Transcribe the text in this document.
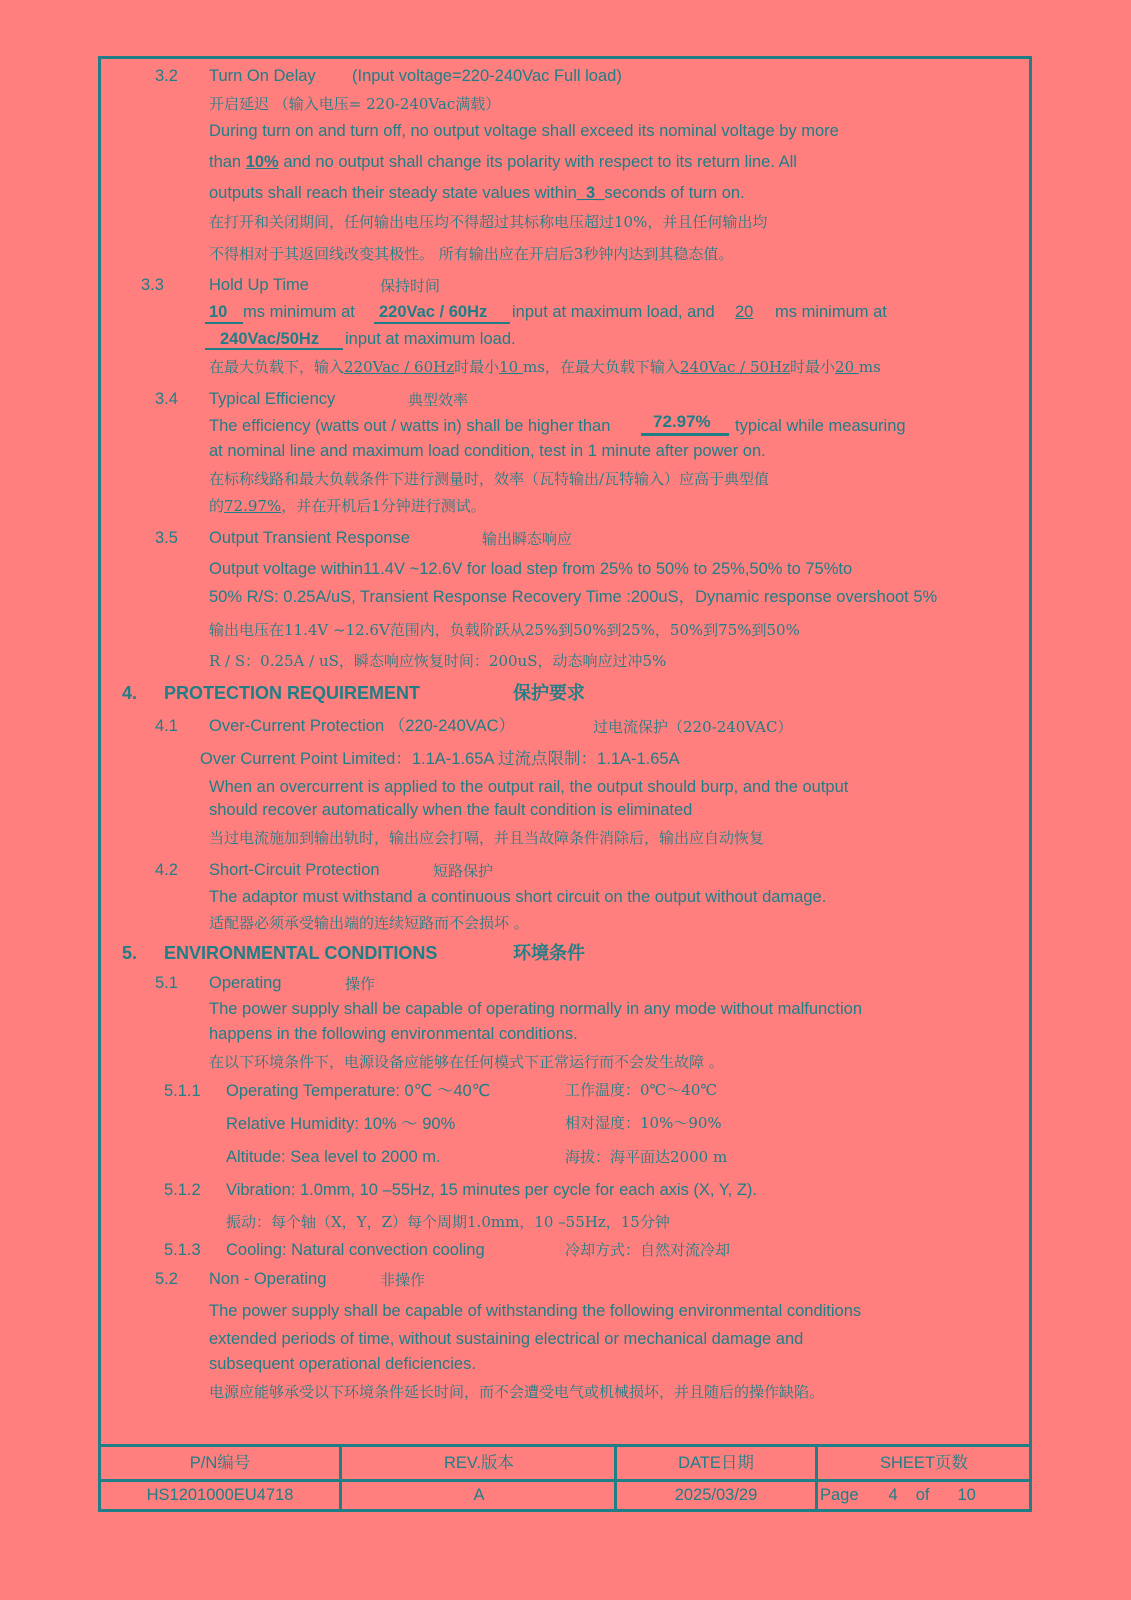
3.2 Turn On Delay (Input voltage=220-240Vac Full load)
开启延迟 （输入电压= 220-240Vac满载）
During turn on and turn off, no output voltage shall exceed its nominal voltage by more
than 10% and no output shall change its polarity with respect to its return line. All
outputs shall reach their steady state values within_3_seconds of turn on.
在打开和关闭期间，任何输出电压均不得超过其标称电压超过10%，并且任何输出均
不得相对于其返回线改变其极性。 所有输出应在开启后3秒钟内达到其稳态值。
3.3	Hold Up Time	保持时间
10 ms minimum at 220Vac / 60Hz input at maximum load, and 20 ms minimum at
240Vac/50Hz input at maximum load.
在最大负载下，输入220Vac / 60Hz时最小10 ms，在最大负载下输入240Vac / 50Hz时最小20 ms
3.4 Typical Efficiency	典型效率
The efficiency (watts out / watts in) shall be higher than	72.97% typical while measuring
at nominal line and maximum load condition, test in 1 minute after power on.
在标称线路和最大负载条件下进行测量时，效率（瓦特输出/瓦特输入）应高于典型值
的72.97%，并在开机后1分钟进行测试。
3.5 Output Transient Response	输出瞬态响应
Output voltage within11.4V ~12.6V for load step from 25% to 50% to 25%,50% to 75%to
50% R/S: 0.25A/uS, Transient Response Recovery Time :200uS，Dynamic response overshoot 5%
输出电压在11.4V ~12.6V范围内，负载阶跃从25%到50%到25%，50%到75%到50%
R / S：0.25A / uS，瞬态响应恢复时间：200uS，动态响应过冲5%
4. PROTECTION REQUIREMENT	保护要求
4.1 Over-Current Protection （220-240VAC）	过电流保护（220-240VAC）
Over Current Point Limited：1.1A-1.65A 过流点限制：1.1A-1.65A
When an overcurrent is applied to the output rail, the output should burp, and the output
should recover automatically when the fault condition is eliminated
当过电流施加到输出轨时，输出应会打嗝，并且当故障条件消除后，输出应自动恢复
4.2 Short-Circuit Protection	短路保护
The adaptor must withstand a continuous short circuit on the output without damage.
适配器必须承受输出端的连续短路而不会损坏 。
5. ENVIRONMENTAL CONDITIONS	环境条件
5.1 Operating	操作
The power supply shall be capable of operating normally in any mode without malfunction
happens in the following environmental conditions.
在以下环境条件下，电源设备应能够在任何模式下正常运行而不会发生故障 。
5.1.1 Operating Temperature: 0℃ ～40℃	工作温度：0℃～40℃
Relative Humidity: 10% ～ 90%	相对湿度：10%～90%
Altitude: Sea level to 2000 m.	海拔：海平面达2000 m
5.1.2 Vibration: 1.0mm, 10 –55Hz, 15 minutes per cycle for each axis (X, Y, Z).
振动：每个轴（X，Y，Z）每个周期1.0mm，10 –55Hz，15分钟
5.1.3 Cooling: Natural convection cooling	冷却方式：自然对流冷却
5.2 Non - Operating	非操作
The power supply shall be capable of withstanding the following environmental conditions
extended periods of time, without sustaining electrical or mechanical damage and
subsequent operational deficiencies.
电源应能够承受以下环境条件延长时间，而不会遭受电气或机械损坏，并且随后的操作缺陷。
P/N编号	REV.版本	DATE日期	SHEET页数
HS1201000EU4718	A	2025/03/29	Page 4 of 10
